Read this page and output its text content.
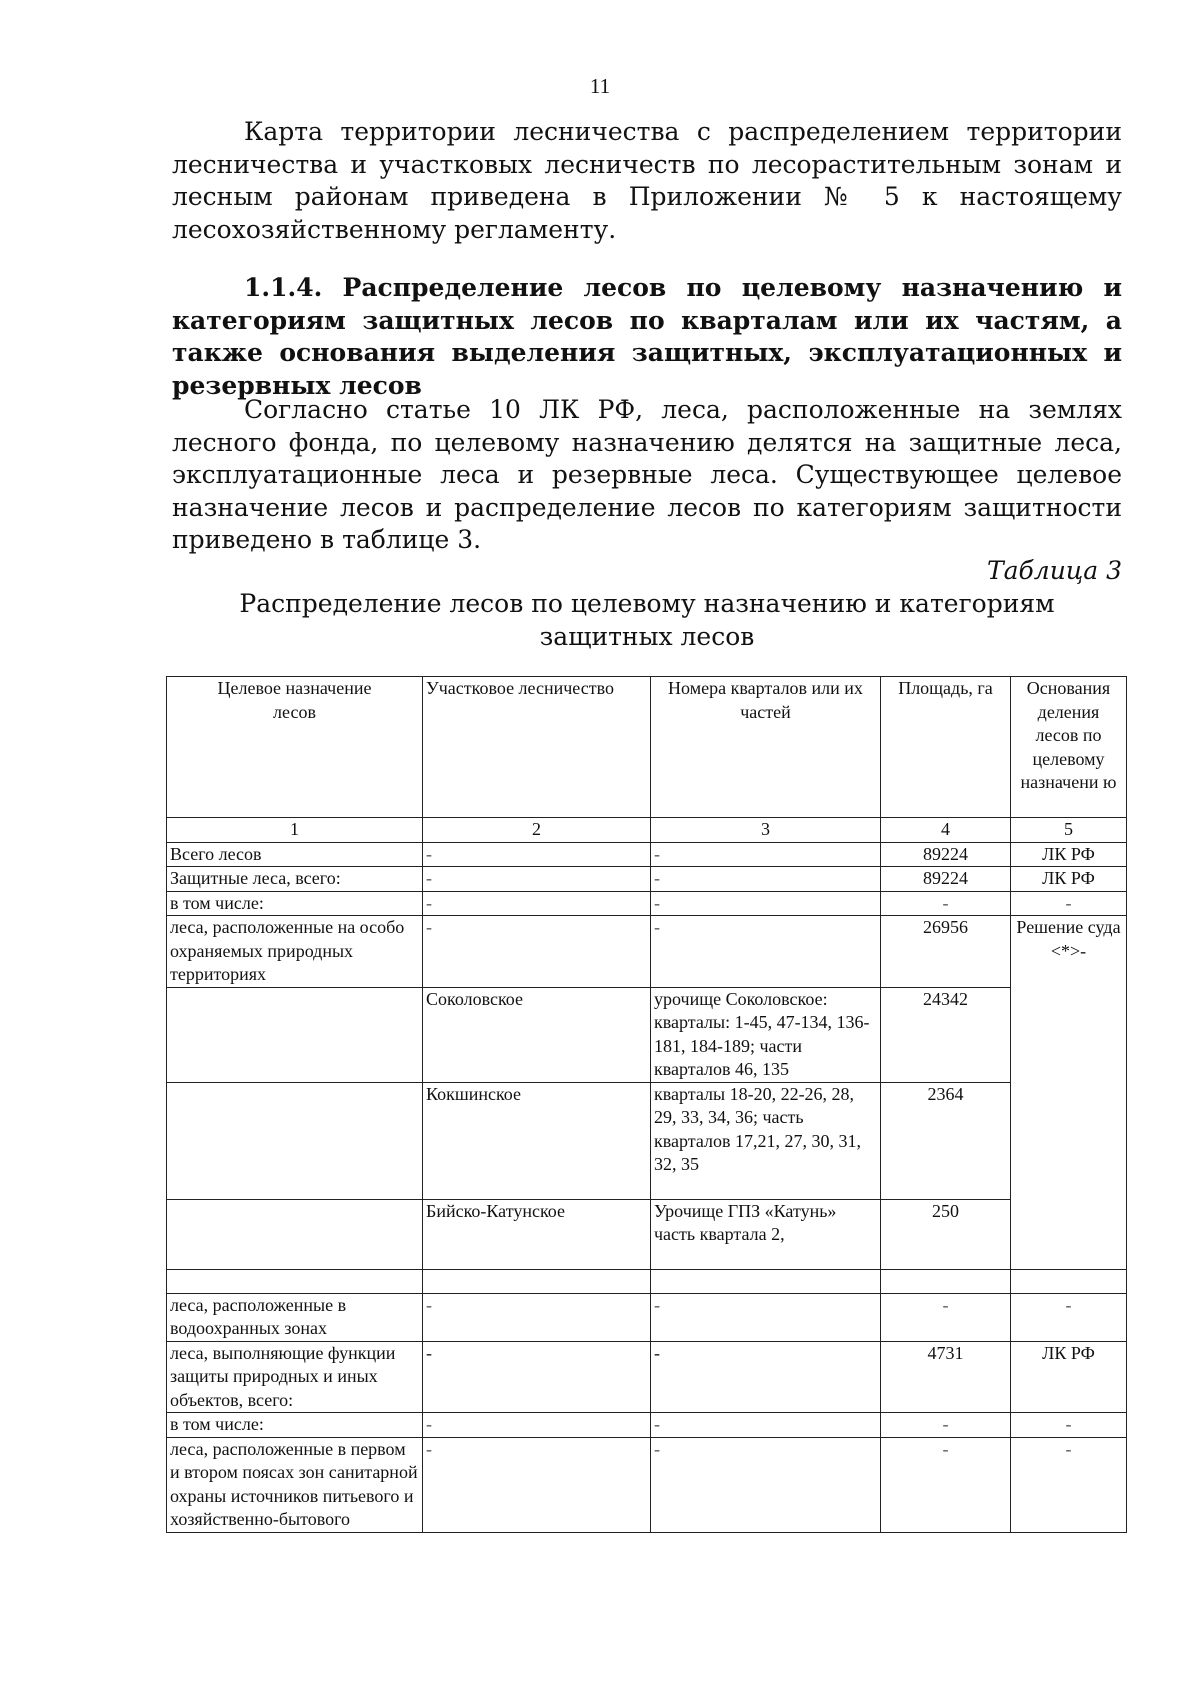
11

Карта территории лесничества с распределением территории лесничества и участковых лесничеств по лесорастительным зонам и лесным районам приведена в Приложении № 5 к настоящему лесохозяйственному регламенту.

1.1.4. Распределение лесов по целевому назначению и категориям защитных лесов по кварталам или их частям, а также основания выделения защитных, эксплуатационных и резервных лесов

Согласно статье 10 ЛК РФ, леса, расположенные на землях лесного фонда, по целевому назначению делятся на защитные леса, эксплуатационные леса и резервные леса. Существующее целевое назначение лесов и распределение лесов по категориям защитности приведено в таблице 3.

Таблица 3
Распределение лесов по целевому назначению и категориям
защитных лесов
Целевое назначение лесов	Участковое лесничество	Номера кварталов или их частей	Площадь, га	Основания деления лесов по целевому назначени ю
1	2	3	4	5
Всего лесов	-	-	89224	ЛК РФ
Защитные леса, всего:	-	-	89224	ЛК РФ
в том числе:	-	-	-	-
леса, расположенные на особо охраняемых природных территориях	-	-	26956	Решение суда <*>-
	Соколовское	урочище Соколовское: кварталы: 1-45, 47-134, 136-181, 184-189; части кварталов 46, 135	24342	
	Кокшинское	кварталы 18-20, 22-26, 28, 29, 33, 34, 36; часть кварталов 17,21, 27, 30, 31, 32, 35	2364	
	Бийско-Катунское	Урочище ГПЗ «Катунь» часть квартала 2,	250	

леса, расположенные в водоохранных зонах	-	-	-	-
леса, выполняющие функции защиты природных и иных объектов, всего:	-	-	4731	ЛК РФ
в том числе:	-	-	-	-
леса, расположенные в первом и втором поясах зон санитарной охраны источников питьевого и хозяйственно-бытового	-	-	-	-
